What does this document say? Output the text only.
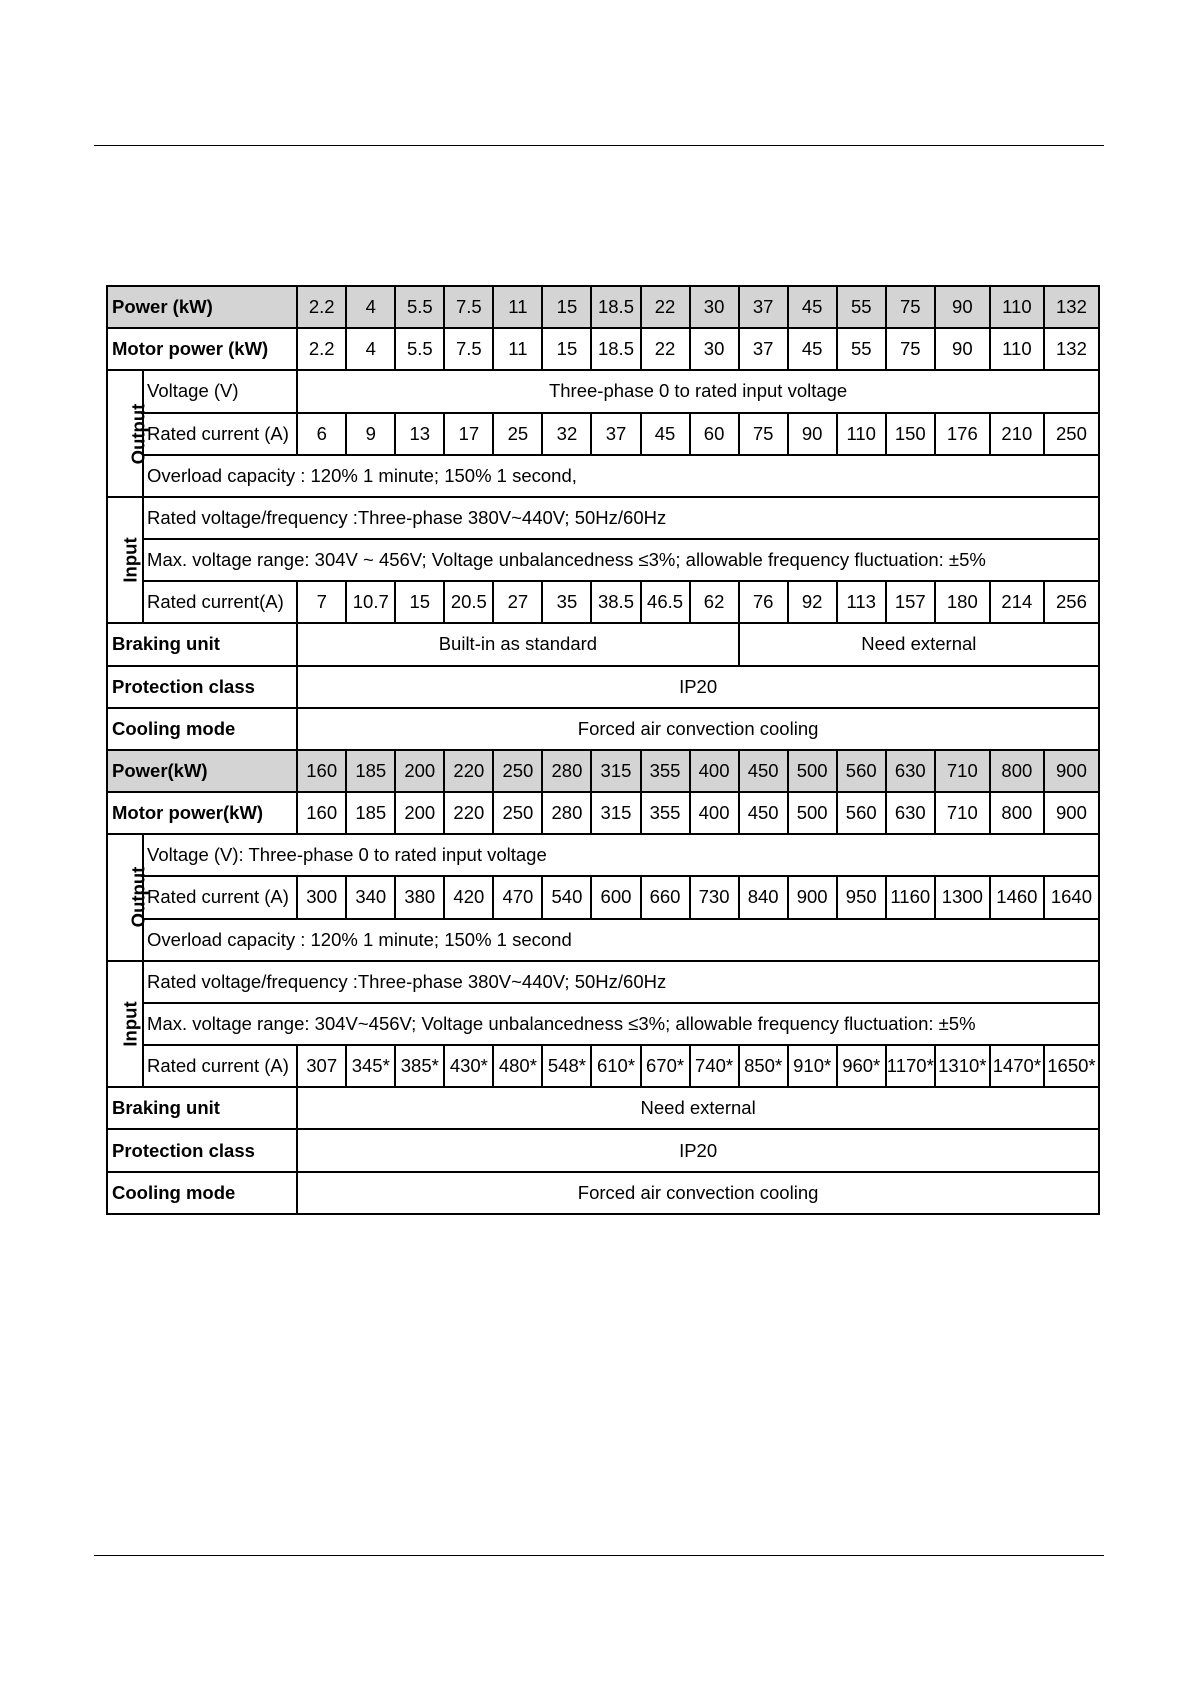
Power (kW)		2.2	4	5.5	7.5	11	15	18.5	22	30	37	45	55	75	90	110	132
Motor power (kW)		2.2	4	5.5	7.5	11	15	18.5	22	30	37	45	55	75	90	110	132
Output	Voltage (V)	Three-phase 0 to rated input voltage															
	Rated current (A)	6	9	13	17	25	32	37	45	60	75	90	110	150	176	210	250
	Overload capacity : 120% 1 minute; 150% 1 second,																
Input	Rated voltage/frequency :Three-phase 380V~440V; 50Hz/60Hz																
	Max. voltage range: 304V ~ 456V; Voltage unbalancedness ≤3%; allowable frequency fluctuation: ±5%																
	Rated current(A)	7	10.7	15	20.5	27	35	38.5	46.5	62	76	92	113	157	180	214	256
Braking unit		Built-in as standard									Need external						
Protection class		IP20															
Cooling mode		Forced air convection cooling															
Power(kW)		160	185	200	220	250	280	315	355	400	450	500	560	630	710	800	900
Motor power(kW)		160	185	200	220	250	280	315	355	400	450	500	560	630	710	800	900
Output	Voltage (V): Three-phase 0 to rated input voltage																
	Rated current (A)	300	340	380	420	470	540	600	660	730	840	900	950	1160	1300	1460	1640
	Overload capacity : 120% 1 minute; 150% 1 second																
Input	Rated voltage/frequency :Three-phase 380V~440V; 50Hz/60Hz																
	Max. voltage range: 304V~456V; Voltage unbalancedness ≤3%; allowable frequency fluctuation: ±5%																
	Rated current (A)	307	345*	385*	430*	480*	548*	610*	670*	740*	850*	910*	960*	1170*	1310*	1470*	1650*
Braking unit		Need external															
Protection class		IP20															
Cooling mode		Forced air convection cooling															
